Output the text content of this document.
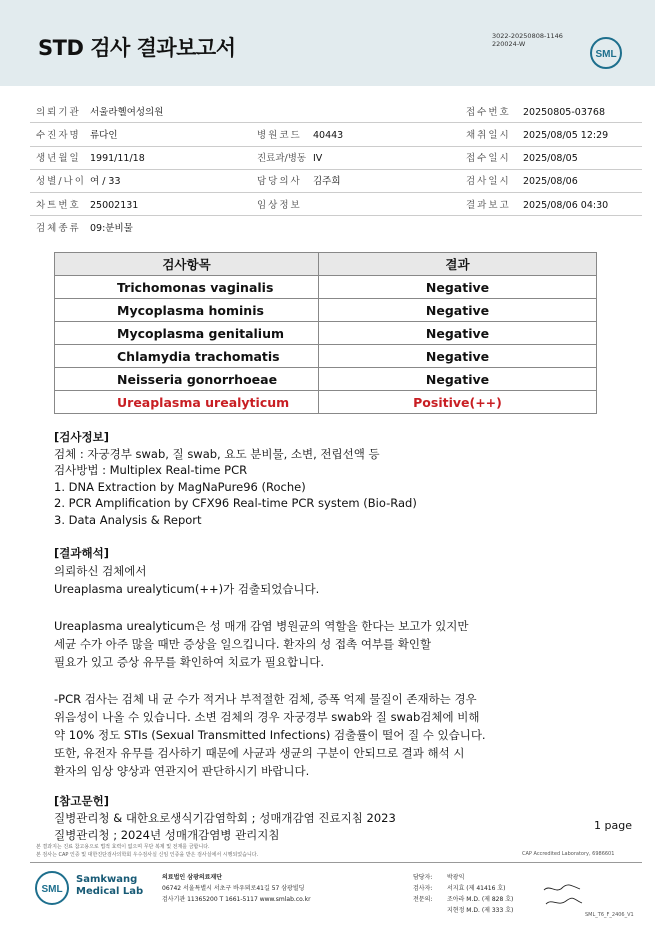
STD 검사 결과보고서	3022-20250808-1146
220024-W
SML
의뢰기관 서울라헬여성의원	접수번호 20250805-03768
수진자명 류다인	병원코드 40443	채취일시 2025/08/05 12:29
생년월일 1991/11/18	진료과/병동 IV	접수일시 2025/08/05
성별/나이 여 / 33	담당의사 김주희	검사일시 2025/08/06
차트번호 25002131	임상정보	결과보고 2025/08/06 04:30
검체종류 09:분비물
검사항목	결과
Trichomonas vaginalis	Negative
Mycoplasma hominis	Negative
Mycoplasma genitalium	Negative
Chlamydia trachomatis	Negative
Neisseria gonorrhoeae	Negative
Ureaplasma urealyticum	Positive(++)
[검사정보]
검체 : 자궁경부 swab, 질 swab, 요도 분비물, 소변, 전립선액 등
검사방법 : Multiplex Real-time PCR
1. DNA Extraction by MagNaPure96 (Roche)
2. PCR Amplification by CFX96 Real-time PCR system (Bio-Rad)
3. Data Analysis & Report
[결과해석]
의뢰하신 검체에서
Ureaplasma urealyticum(++)가 검출되었습니다.
Ureaplasma urealyticum은 성 매개 감염 병원균의 역할을 한다는 보고가 있지만
세균 수가 아주 많을 때만 증상을 일으킵니다. 환자의 성 접촉 여부를 확인할
필요가 있고 증상 유무를 확인하여 치료가 필요합니다.
-PCR 검사는 검체 내 균 수가 적거나 부적절한 검체, 증폭 억제 물질이 존재하는 경우
위음성이 나올 수 있습니다. 소변 검체의 경우 자궁경부 swab와 질 swab검체에 비해
약 10% 정도 STIs (Sexual Transmitted Infections) 검출률이 떨어 질 수 있습니다.
또한, 유전자 유무를 검사하기 때문에 사균과 생균의 구분이 안되므로 결과 해석 시
환자의 임상 양상과 연관지어 판단하시기 바랍니다.
[참고문헌]
질병관리청 & 대한요로생식기감염학회 ; 성매개감염 진료지침 2023
질병관리청 ; 2024년 성매개감염병 관리지침
1 page
본 결과지는 진료 참고용으로 법적 효력이 없으며 무단 복제 및 전재를 금합니다.
본 검사는 CAP 인증 및 대한진단검사의학회 우수검사실 신임 인증을 받은 검사실에서 시행되었습니다.	CAP Accredited Laboratory, 6986601
SML
Samkwang
Medical Lab
의료법인 삼광의료재단
06742 서울특별시 서초구 바우뫼로41길 57 삼광빌딩
검사기관 11365200 T 1661-5117 www.smlab.co.kr
담당자: 박광익
검사자: 서지효 (제 41416 호)
전문의: 조아라 M.D. (제 828 호)
지현정 M.D. (제 333 호)
SML_T6_F_2406_V1
